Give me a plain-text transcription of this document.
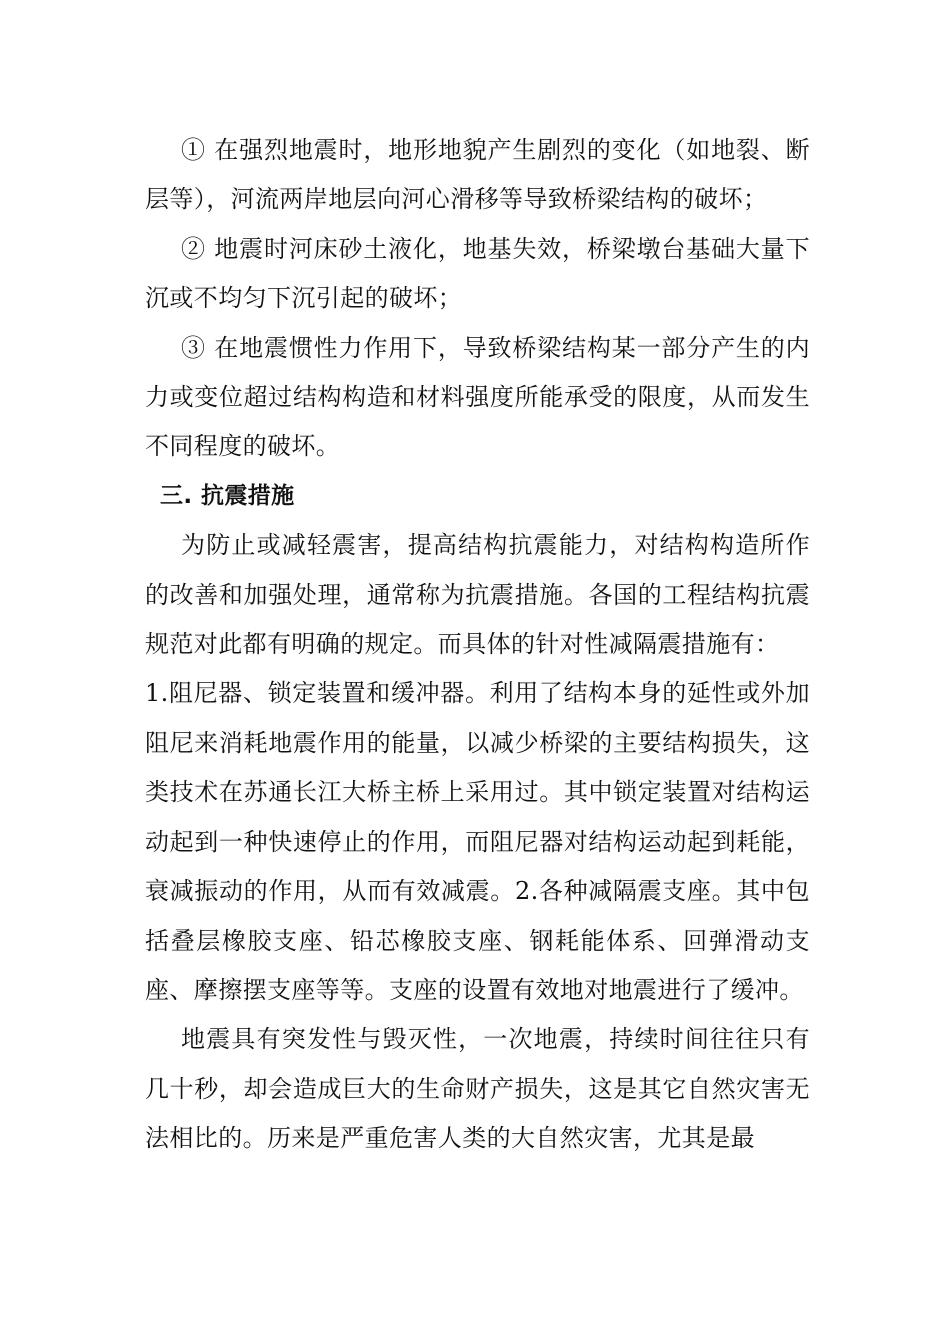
① 在强烈地震时，地形地貌产生剧烈的变化（如地裂、断层等），河流两岸地层向河心滑移等导致桥梁结构的破坏；

② 地震时河床砂土液化，地基失效，桥梁墩台基础大量下沉或不均匀下沉引起的破坏；

③ 在地震惯性力作用下，导致桥梁结构某一部分产生的内力或变位超过结构构造和材料强度所能承受的限度，从而发生不同程度的破坏。

三. 抗震措施

为防止或减轻震害，提高结构抗震能力，对结构构造所作的改善和加强处理，通常称为抗震措施。各国的工程结构抗震规范对此都有明确的规定。而具体的针对性减隔震措施有：

1.阻尼器、锁定装置和缓冲器。利用了结构本身的延性或外加阻尼来消耗地震作用的能量，以减少桥梁的主要结构损失，这类技术在苏通长江大桥主桥上采用过。其中锁定装置对结构运动起到一种快速停止的作用，而阻尼器对结构运动起到耗能，衰减振动的作用，从而有效减震。2.各种减隔震支座。其中包括叠层橡胶支座、铅芯橡胶支座、钢耗能体系、回弹滑动支座、摩擦摆支座等等。支座的设置有效地对地震进行了缓冲。

地震具有突发性与毁灭性，一次地震，持续时间往往只有几十秒，却会造成巨大的生命财产损失，这是其它自然灾害无法相比的。历来是严重危害人类的大自然灾害，尤其是最
